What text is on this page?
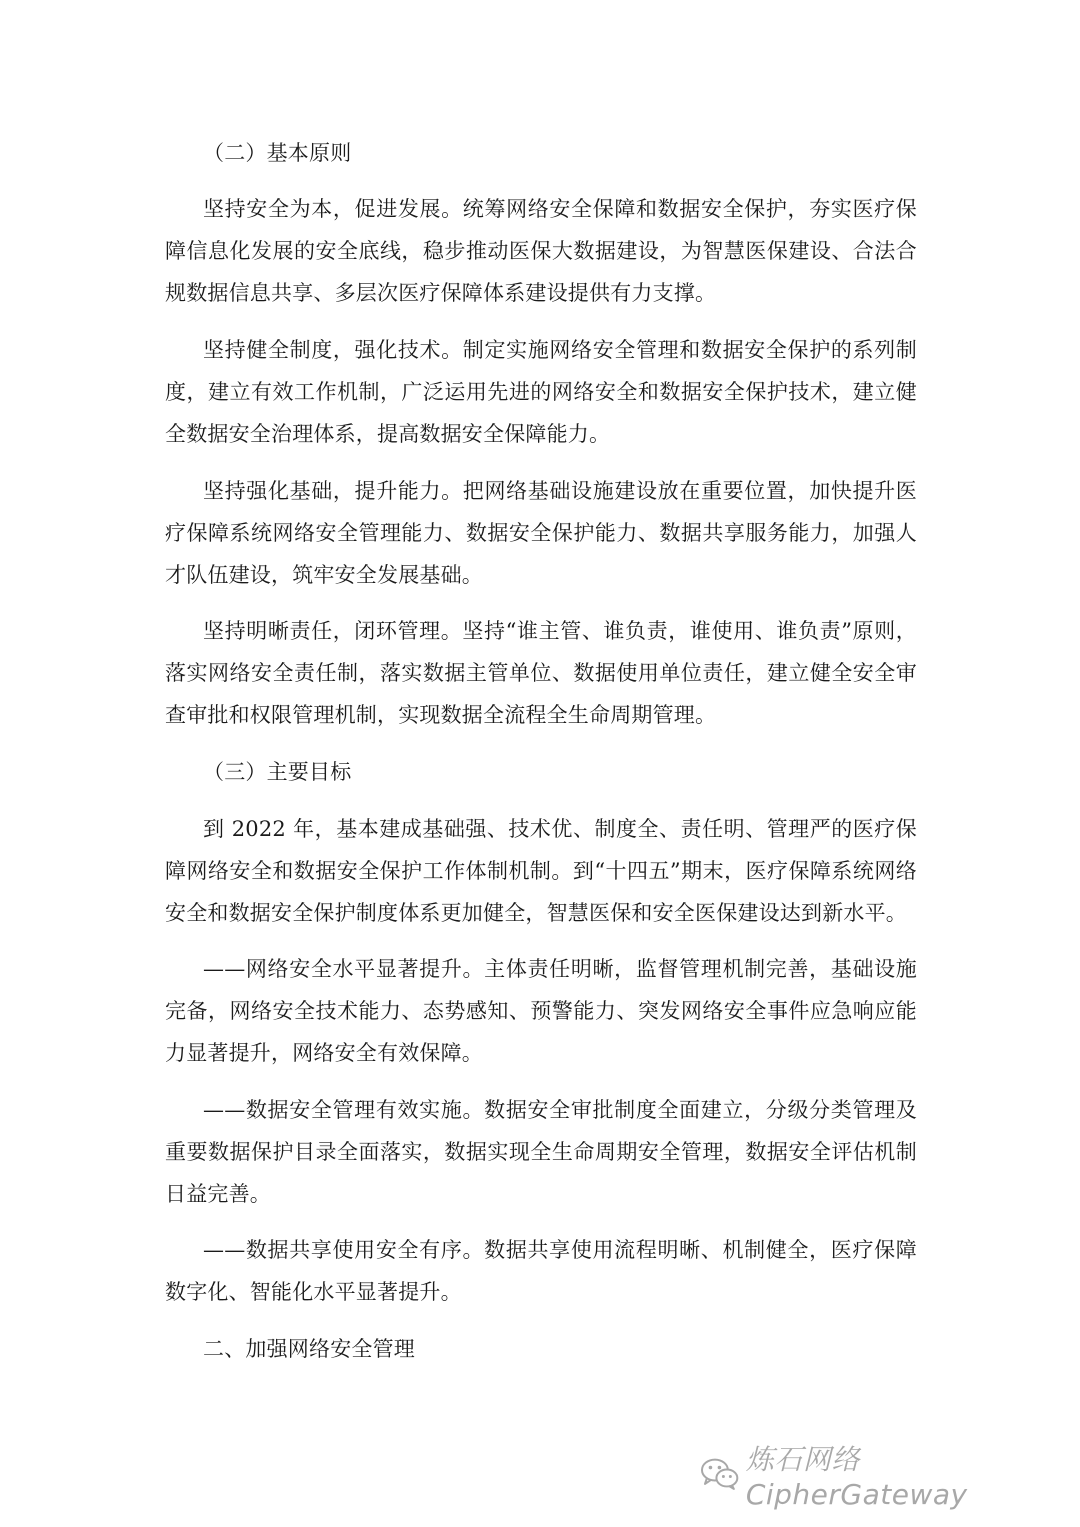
（二）基本原则

坚持安全为本，促进发展。统筹网络安全保障和数据安全保护，夯实医疗保障信息化发展的安全底线，稳步推动医保大数据建设，为智慧医保建设、合法合规数据信息共享、多层次医疗保障体系建设提供有力支撑。

坚持健全制度，强化技术。制定实施网络安全管理和数据安全保护的系列制度，建立有效工作机制，广泛运用先进的网络安全和数据安全保护技术，建立健全数据安全治理体系，提高数据安全保障能力。

坚持强化基础，提升能力。把网络基础设施建设放在重要位置，加快提升医疗保障系统网络安全管理能力、数据安全保护能力、数据共享服务能力，加强人才队伍建设，筑牢安全发展基础。

坚持明晰责任，闭环管理。坚持“谁主管、谁负责，谁使用、谁负责”原则，落实网络安全责任制，落实数据主管单位、数据使用单位责任，建立健全安全审查审批和权限管理机制，实现数据全流程全生命周期管理。

（三）主要目标

到 2022 年，基本建成基础强、技术优、制度全、责任明、管理严的医疗保障网络安全和数据安全保护工作体制机制。到“十四五”期末，医疗保障系统网络安全和数据安全保护制度体系更加健全，智慧医保和安全医保建设达到新水平。

——网络安全水平显著提升。主体责任明晰，监督管理机制完善，基础设施完备，网络安全技术能力、态势感知、预警能力、突发网络安全事件应急响应能力显著提升，网络安全有效保障。

——数据安全管理有效实施。数据安全审批制度全面建立，分级分类管理及重要数据保护目录全面落实，数据实现全生命周期安全管理，数据安全评估机制日益完善。

——数据共享使用安全有序。数据共享使用流程明晰、机制健全，医疗保障数字化、智能化水平显著提升。

二、加强网络安全管理

炼石网络CipherGateway
